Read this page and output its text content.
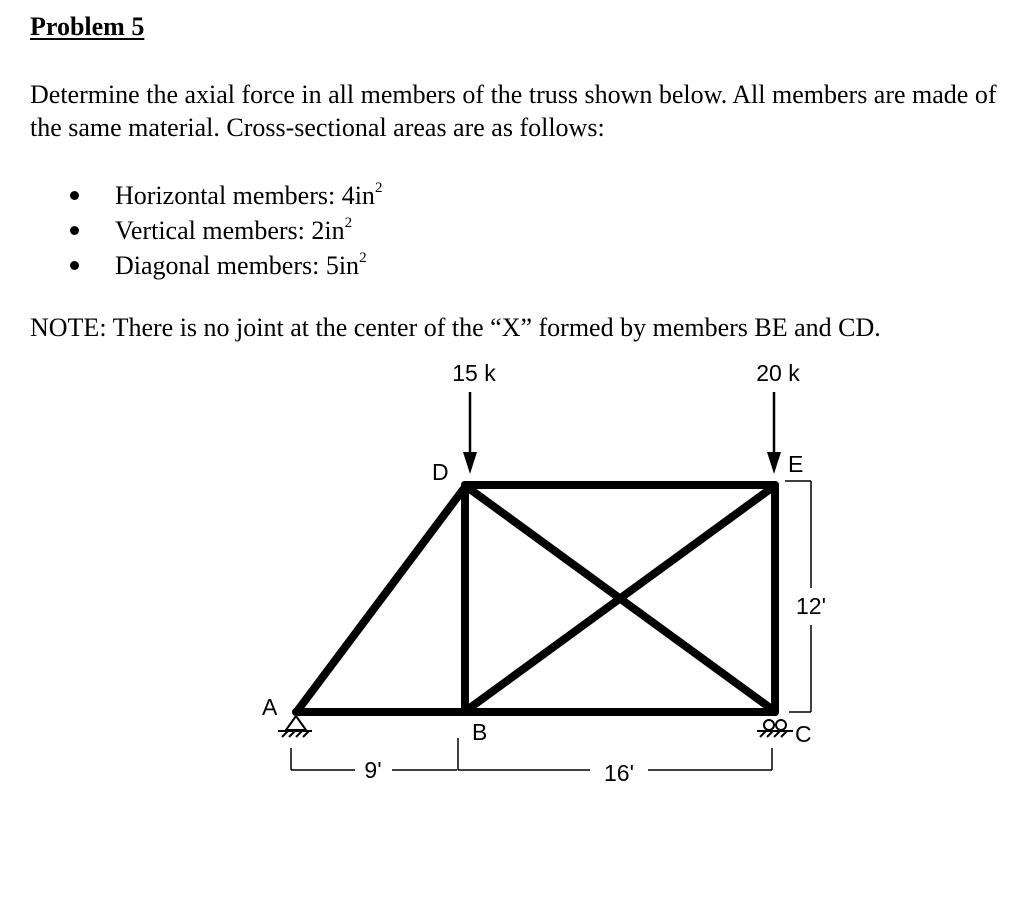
Problem 5

Determine the axial force in all members of the truss shown below. All members are made of the same material. Cross-sectional areas are as follows:

Horizontal members: $4in^2$
Vertical members: $2in^2$
Diagonal members: $5in^2$

NOTE: There is no joint at the center of the “X” formed by members BE and CD.

15 k	20 k
A
B	C
D	E
9'	16'
12'
